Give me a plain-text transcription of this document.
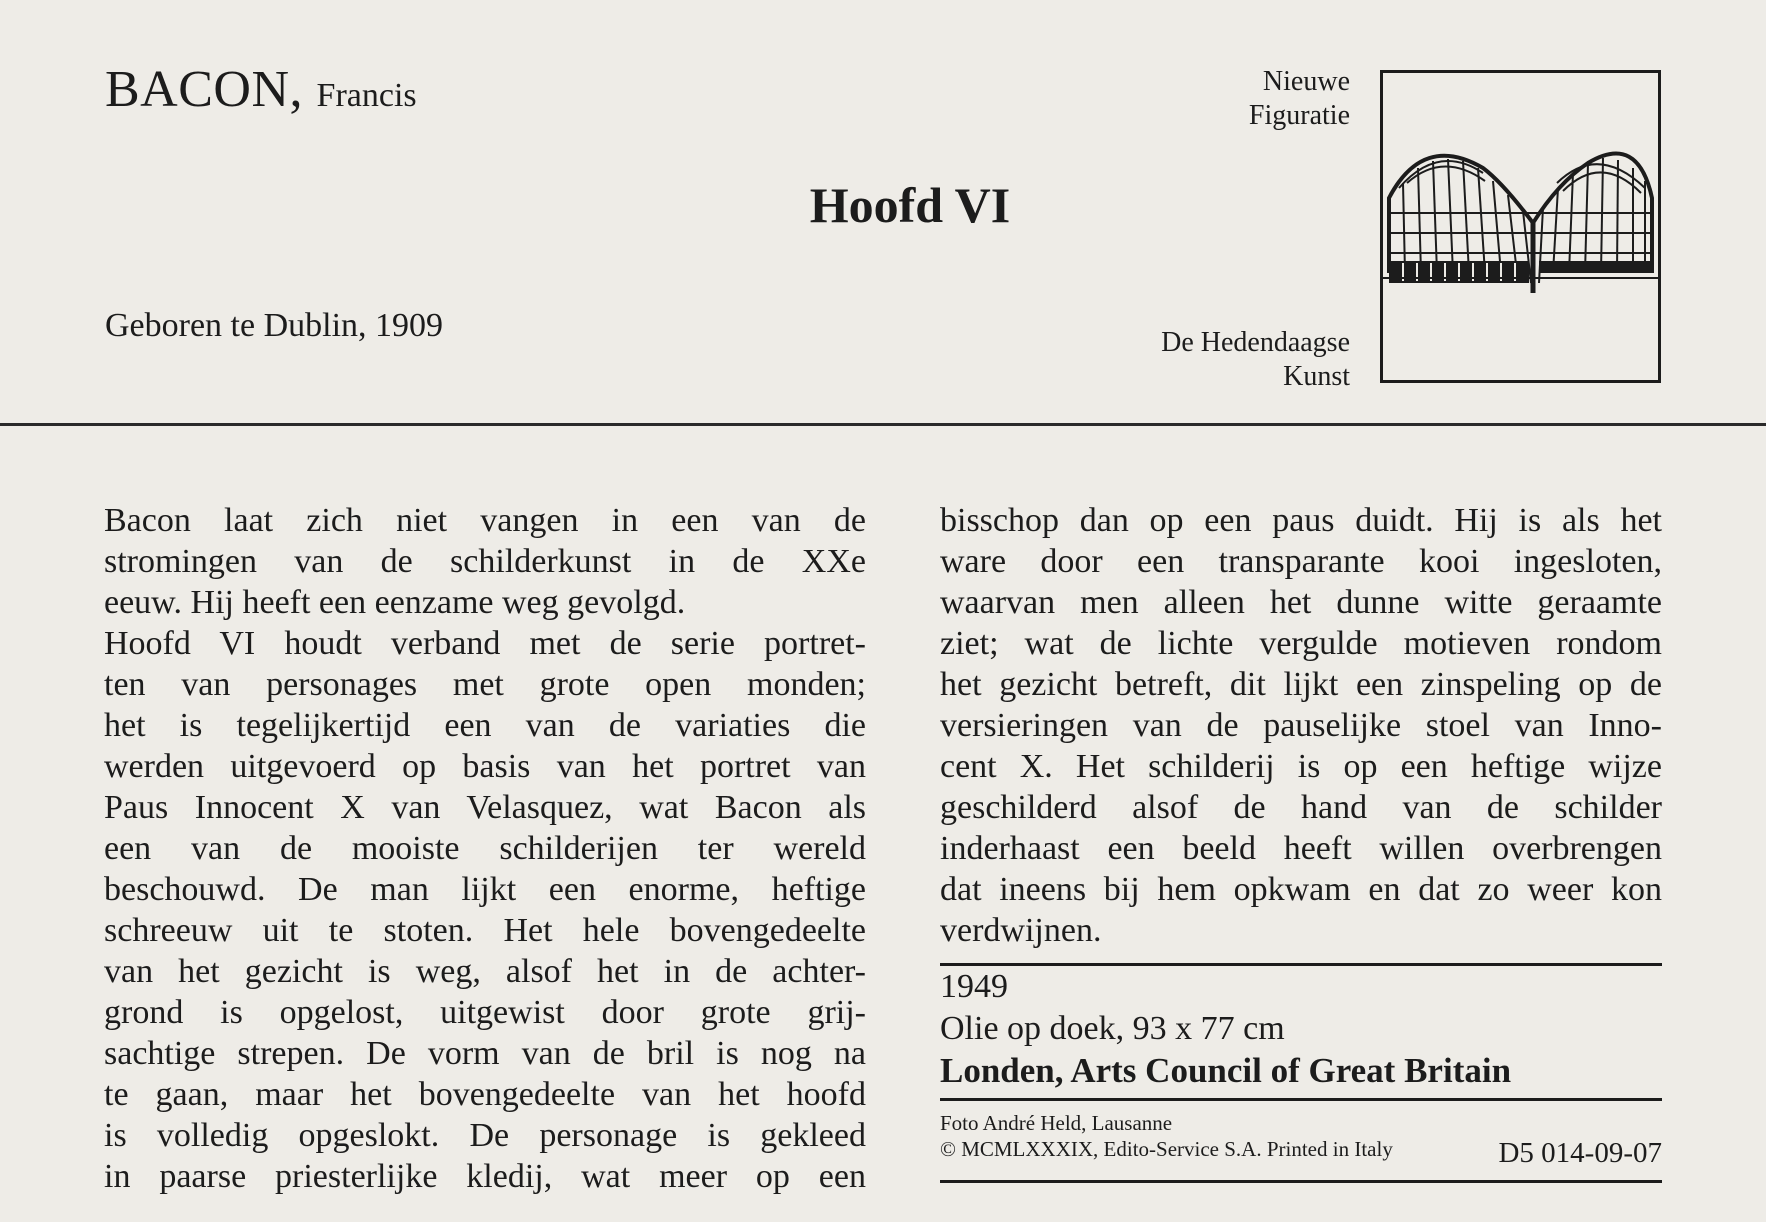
BACON, Francis
Hoofd VI
Geboren te Dublin, 1909
Nieuwe
Figuratie
De Hedendaagse
Kunst
Bacon laat zich niet vangen in een van de
stromingen van de schilderkunst in de XXe
eeuw. Hij heeft een eenzame weg gevolgd.
Hoofd VI houdt verband met de serie portret-
ten van personages met grote open monden;
het is tegelijkertijd een van de variaties die
werden uitgevoerd op basis van het portret van
Paus Innocent X van Velasquez, wat Bacon als
een van de mooiste schilderijen ter wereld
beschouwd. De man lijkt een enorme, heftige
schreeuw uit te stoten. Het hele bovengedeelte
van het gezicht is weg, alsof het in de achter-
grond is opgelost, uitgewist door grote grij-
sachtige strepen. De vorm van de bril is nog na
te gaan, maar het bovengedeelte van het hoofd
is volledig opgeslokt. De personage is gekleed
in paarse priesterlijke kledij, wat meer op een
bisschop dan op een paus duidt. Hij is als het
ware door een transparante kooi ingesloten,
waarvan men alleen het dunne witte geraamte
ziet; wat de lichte vergulde motieven rondom
het gezicht betreft, dit lijkt een zinspeling op de
versieringen van de pauselijke stoel van Inno-
cent X. Het schilderij is op een heftige wijze
geschilderd alsof de hand van de schilder
inderhaast een beeld heeft willen overbrengen
dat ineens bij hem opkwam en dat zo weer kon
verdwijnen.
1949
Olie op doek, 93 x 77 cm
Londen, Arts Council of Great Britain
Foto André Held, Lausanne
© MCMLXXXIX, Edito-Service S.A. Printed in Italy	D5 014-09-07
